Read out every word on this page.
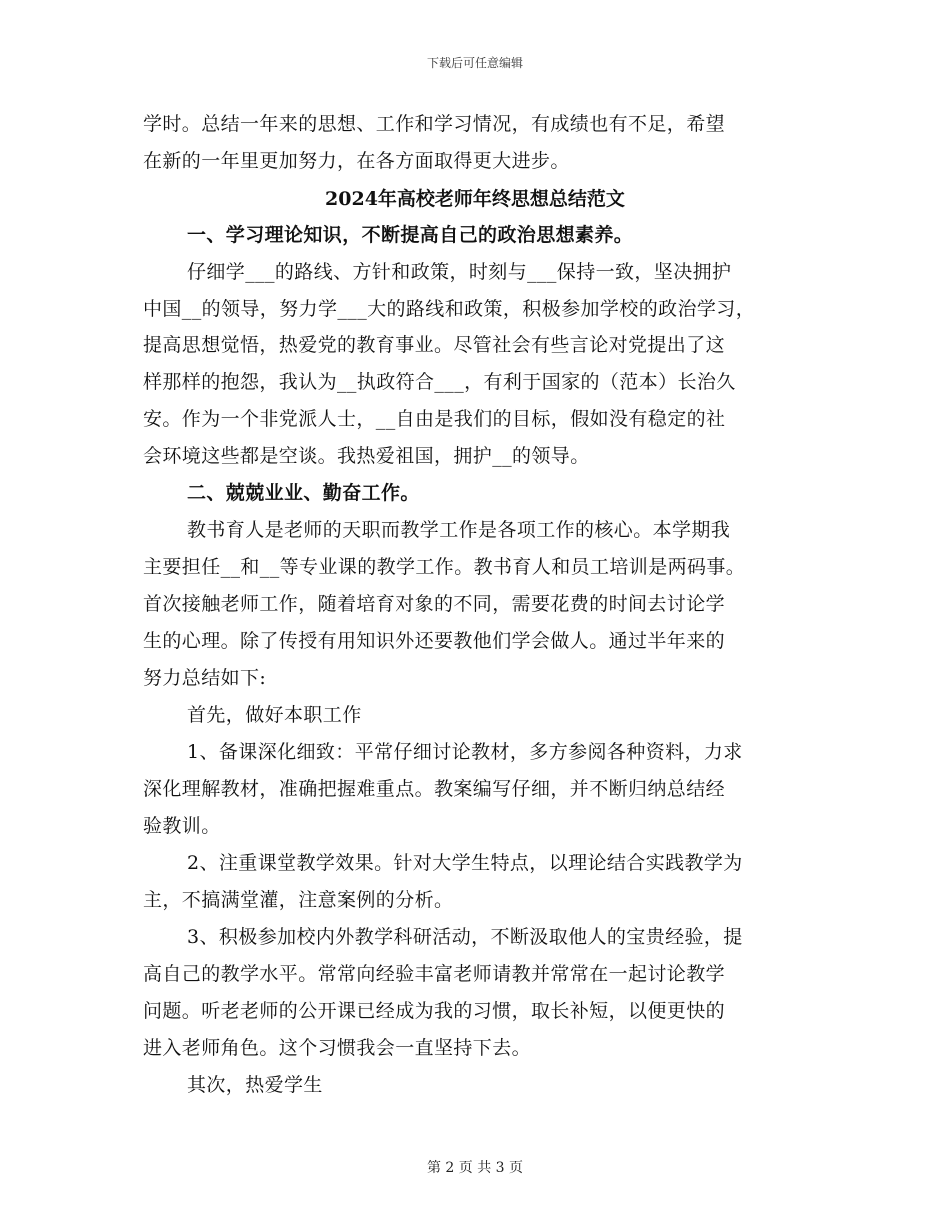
下载后可任意编辑
学时。总结一年来的思想、工作和学习情况，有成绩也有不足，希望
在新的一年里更加努力，在各方面取得更大进步。
2024年高校老师年终思想总结范文
一、学习理论知识，不断提高自己的政治思想素养。
仔细学___的路线、方针和政策，时刻与___保持一致，坚决拥护
中国__的领导，努力学___大的路线和政策，积极参加学校的政治学习，
提高思想觉悟，热爱党的教育事业。尽管社会有些言论对党提出了这
样那样的抱怨，我认为__执政符合___，有利于国家的（范本）长治久
安。作为一个非党派人士，__自由是我们的目标，假如没有稳定的社
会环境这些都是空谈。我热爱祖国，拥护__的领导。
二、兢兢业业、勤奋工作。
教书育人是老师的天职而教学工作是各项工作的核心。本学期我
主要担任__和__等专业课的教学工作。教书育人和员工培训是两码事。
首次接触老师工作，随着培育对象的不同，需要花费的时间去讨论学
生的心理。除了传授有用知识外还要教他们学会做人。通过半年来的
努力总结如下:
首先，做好本职工作
1、备课深化细致：平常仔细讨论教材，多方参阅各种资料，力求
深化理解教材，准确把握难重点。教案编写仔细，并不断归纳总结经
验教训。
2、注重课堂教学效果。针对大学生特点，以理论结合实践教学为
主，不搞满堂灌，注意案例的分析。
3、积极参加校内外教学科研活动，不断汲取他人的宝贵经验，提
高自己的教学水平。常常向经验丰富老师请教并常常在一起讨论教学
问题。听老老师的公开课已经成为我的习惯，取长补短，以便更快的
进入老师角色。这个习惯我会一直坚持下去。
其次，热爱学生
第 2 页 共 3 页
